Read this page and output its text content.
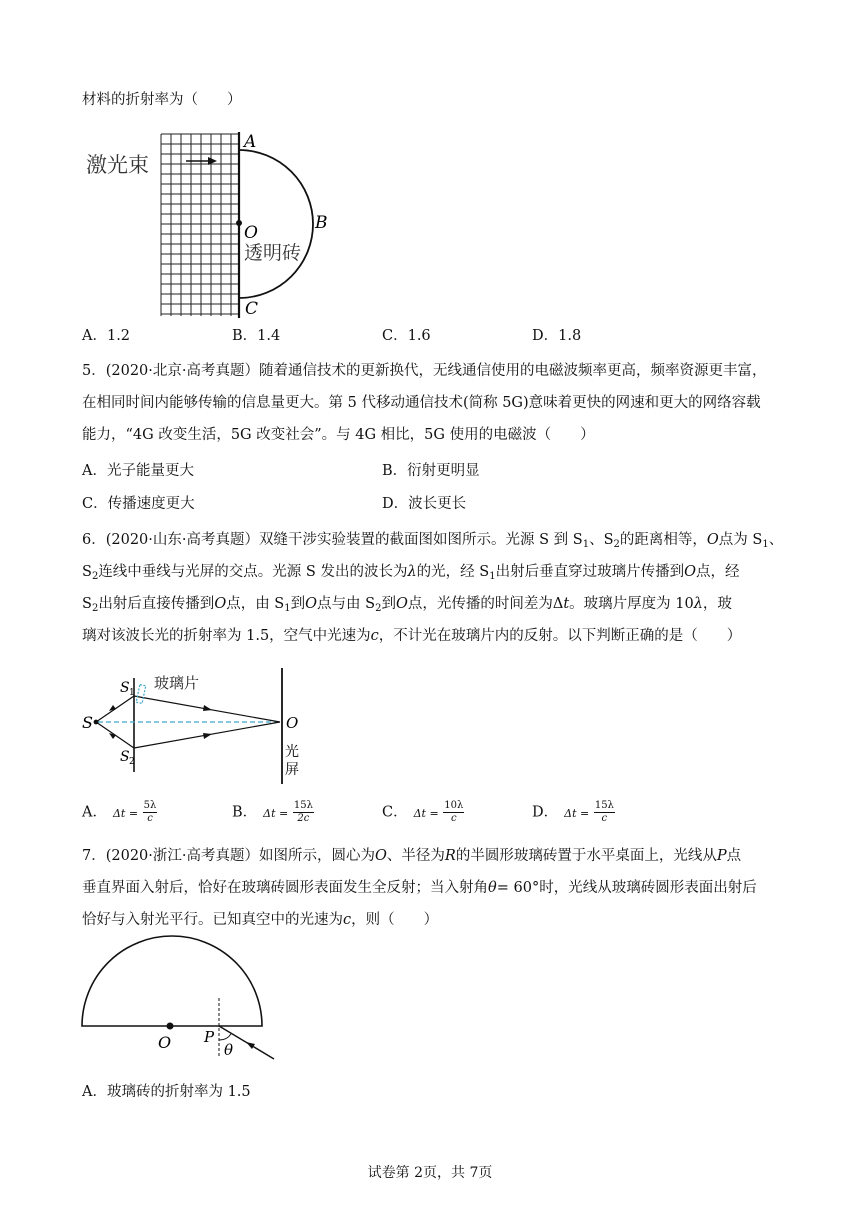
材料的折射率为（　　）
激光束
A
B
C
O
透明砖
A．1.2	B．1.4	C．1.6	D．1.8
5．(2020·北京·高考真题）随着通信技术的更新换代，无线通信使用的电磁波频率更高，频率资源更丰富，
在相同时间内能够传输的信息量更大。第 5 代移动通信技术(简称 5G)意味着更快的网速和更大的网络容载
能力，“4G 改变生活，5G 改变社会”。与 4G 相比，5G 使用的电磁波（　　）
A．光子能量更大	B．衍射更明显
C．传播速度更大	D．波长更长
6．(2020·山东·高考真题）双缝干涉实验装置的截面图如图所示。光源 S 到 $S_1$、$S_2$的距离相等，O点为 $S_1$、
$S_2$连线中垂线与光屏的交点。光源 S 发出的波长为λ的光，经 $S_1$出射后垂直穿过玻璃片传播到O点，经
$S_2$出射后直接传播到O点，由 $S_1$到O点与由 $S_2$到O点，光传播的时间差为Δt。玻璃片厚度为 10λ，玻
璃对该波长光的折射率为 1.5，空气中光速为c，不计光在玻璃片内的反射。以下判断正确的是（　　）
S
S 1
S 2
玻璃片
O
光
屏
A． $\Delta t = \frac{5\lambda}{c}$	B． $\Delta t = \frac{15\lambda}{2c}$	C． $\Delta t = \frac{10\lambda}{c}$	D． $\Delta t = \frac{15\lambda}{c}$
7．(2020·浙江·高考真题）如图所示，圆心为O、半径为R的半圆形玻璃砖置于水平桌面上，光线从P点
垂直界面入射后，恰好在玻璃砖圆形表面发生全反射；当入射角θ= 60°时，光线从玻璃砖圆形表面出射后
恰好与入射光平行。已知真空中的光速为c，则（　　）
O P
θ
A．玻璃砖的折射率为 1.5
试卷第 2页，共 7页
